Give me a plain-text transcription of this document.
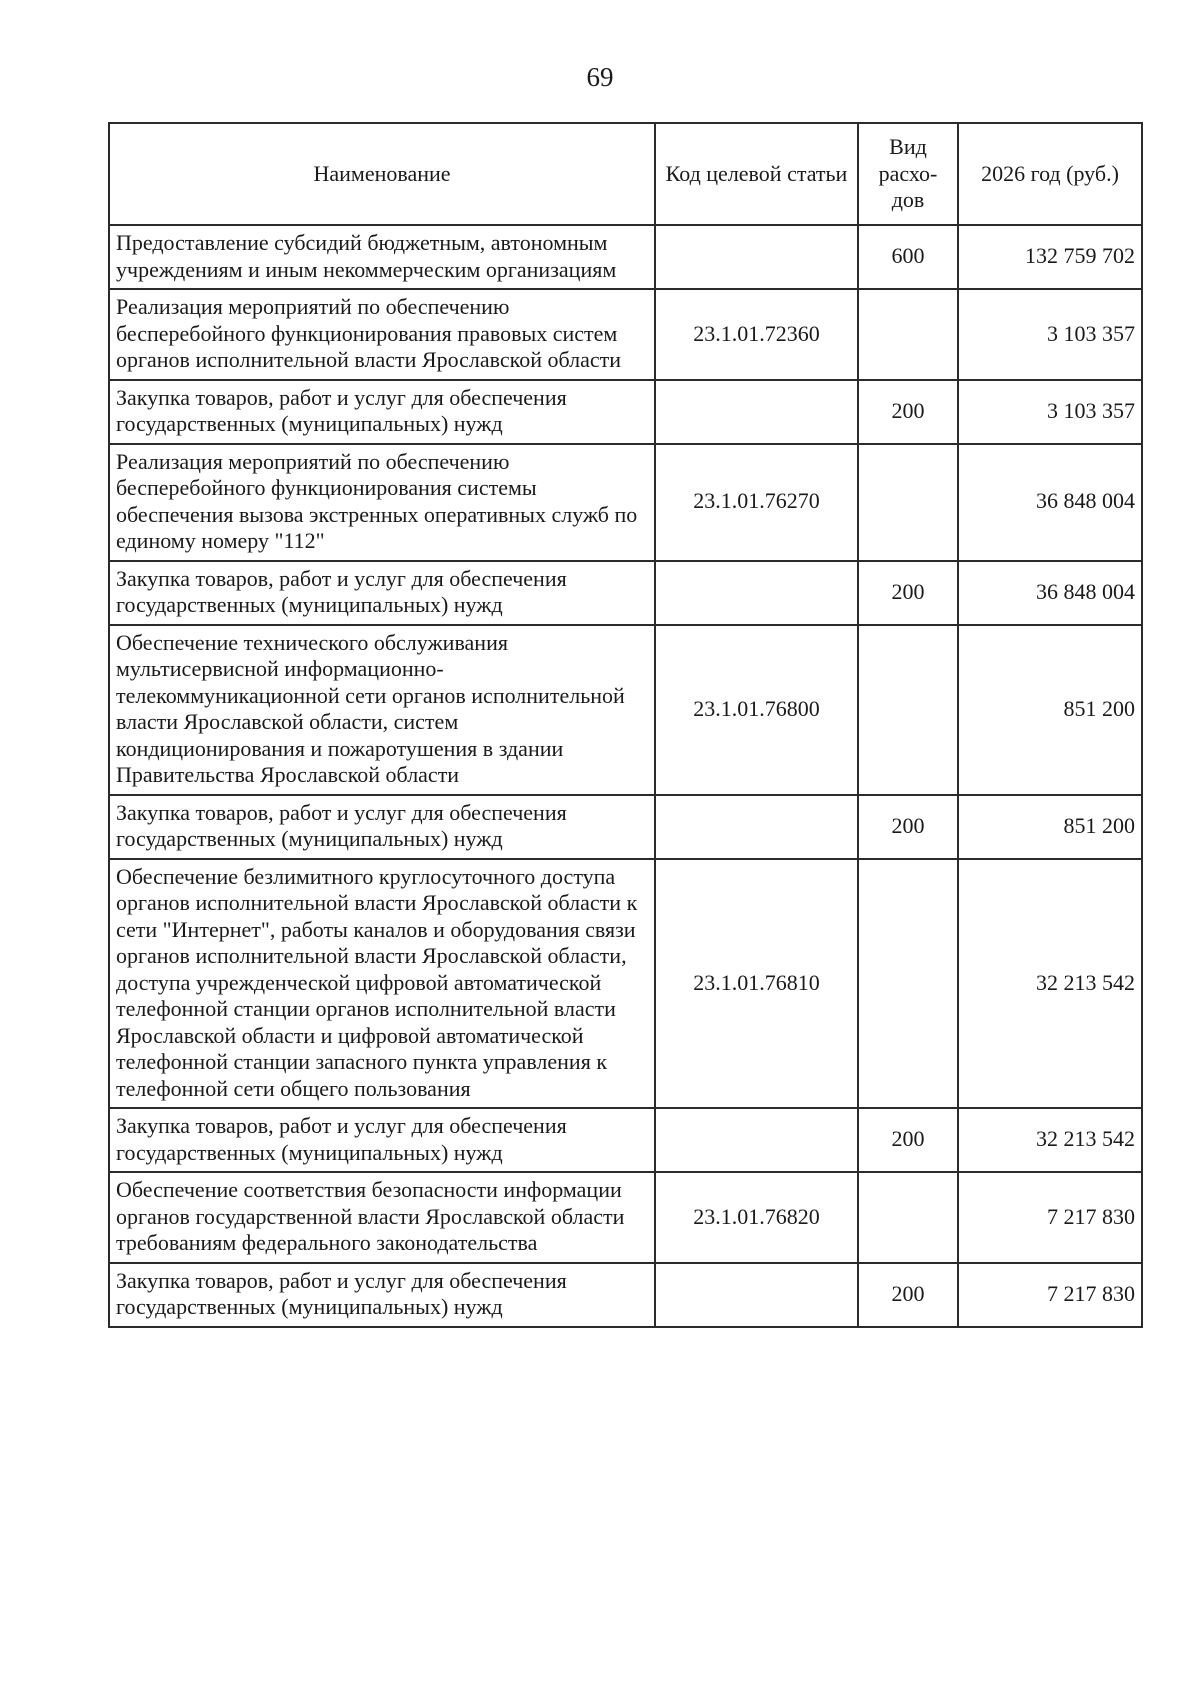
69
Наименование	Код целевой статьи	Вид расхо-дов	2026 год (руб.)
Предоставление субсидий бюджетным, автономным учреждениям и иным некоммерческим организациям		600	132 759 702
Реализация мероприятий по обеспечению бесперебойного функционирования правовых систем органов исполнительной власти Ярославской области	23.1.01.72360		3 103 357
Закупка товаров, работ и услуг для обеспечения государственных (муниципальных) нужд		200	3 103 357
Реализация мероприятий по обеспечению бесперебойного функционирования системы обеспечения вызова экстренных оперативных служб по единому номеру "112"	23.1.01.76270		36 848 004
Закупка товаров, работ и услуг для обеспечения государственных (муниципальных) нужд		200	36 848 004
Обеспечение технического обслуживания мультисервисной информационно-телекоммуникационной сети органов исполнительной власти Ярославской области, систем кондиционирования и пожаротушения в здании Правительства Ярославской области	23.1.01.76800		851 200
Закупка товаров, работ и услуг для обеспечения государственных (муниципальных) нужд		200	851 200
Обеспечение безлимитного круглосуточного доступа органов исполнительной власти Ярославской области к сети "Интернет", работы каналов и оборудования связи органов исполнительной власти Ярославской области, доступа учрежденческой цифровой автоматической телефонной станции органов исполнительной власти Ярославской области и цифровой автоматической телефонной станции запасного пункта управления к телефонной сети общего пользования	23.1.01.76810		32 213 542
Закупка товаров, работ и услуг для обеспечения государственных (муниципальных) нужд		200	32 213 542
Обеспечение соответствия безопасности информации органов государственной власти Ярославской области требованиям федерального законодательства	23.1.01.76820		7 217 830
Закупка товаров, работ и услуг для обеспечения государственных (муниципальных) нужд		200	7 217 830
